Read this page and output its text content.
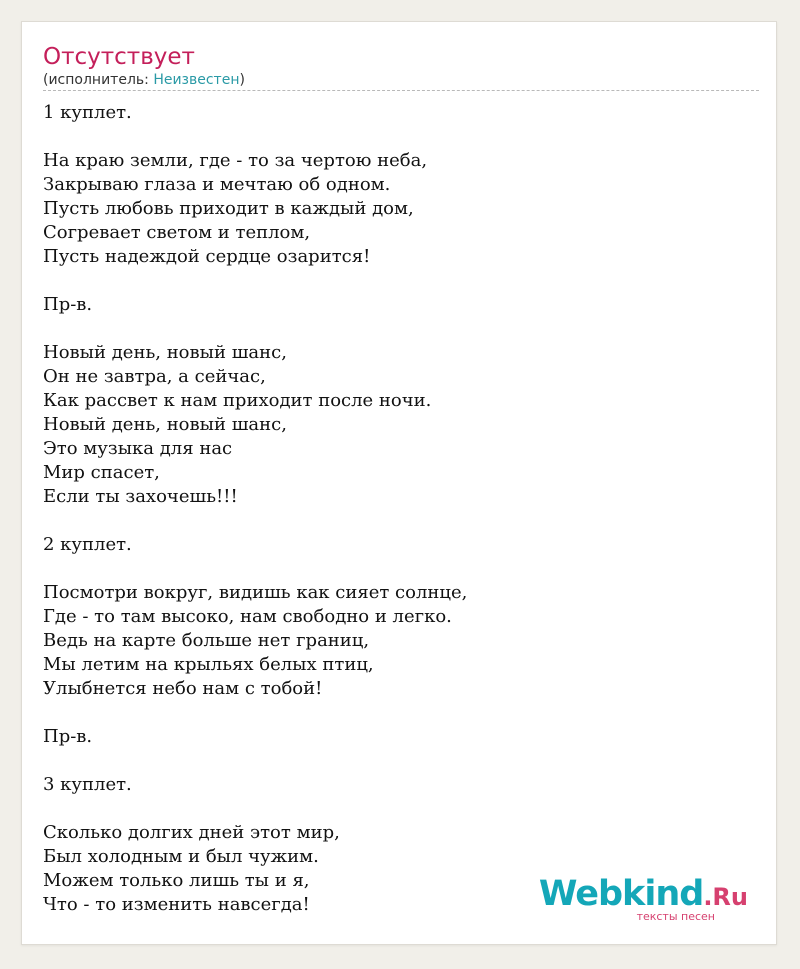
Отсутствует
(исполнитель: Неизвестен)
1 куплет.

На краю земли, где - то за чертою неба,
Закрываю глаза и мечтаю об одном.
Пусть любовь приходит в каждый дом,
Согревает светом и теплом,
Пусть надеждой сердце озарится!

Пр-в.

Новый день, новый шанс,
Он не завтра, а сейчас,
Как рассвет к нам приходит после ночи.
Новый день, новый шанс,
Это музыка для нас
Мир спасет,
Если ты захочешь!!!

2 куплет.

Посмотри вокруг, видишь как сияет солнце,
Где - то там высоко, нам свободно и легко.
Ведь на карте больше нет границ,
Мы летим на крыльях белых птиц,
Улыбнется небо нам с тобой!

Пр-в.

3 куплет.

Сколько долгих дней этот мир,
Был холодным и был чужим.
Можем только лишь ты и я,
Что - то изменить навсегда!	Webkind.Ru
тексты песен
